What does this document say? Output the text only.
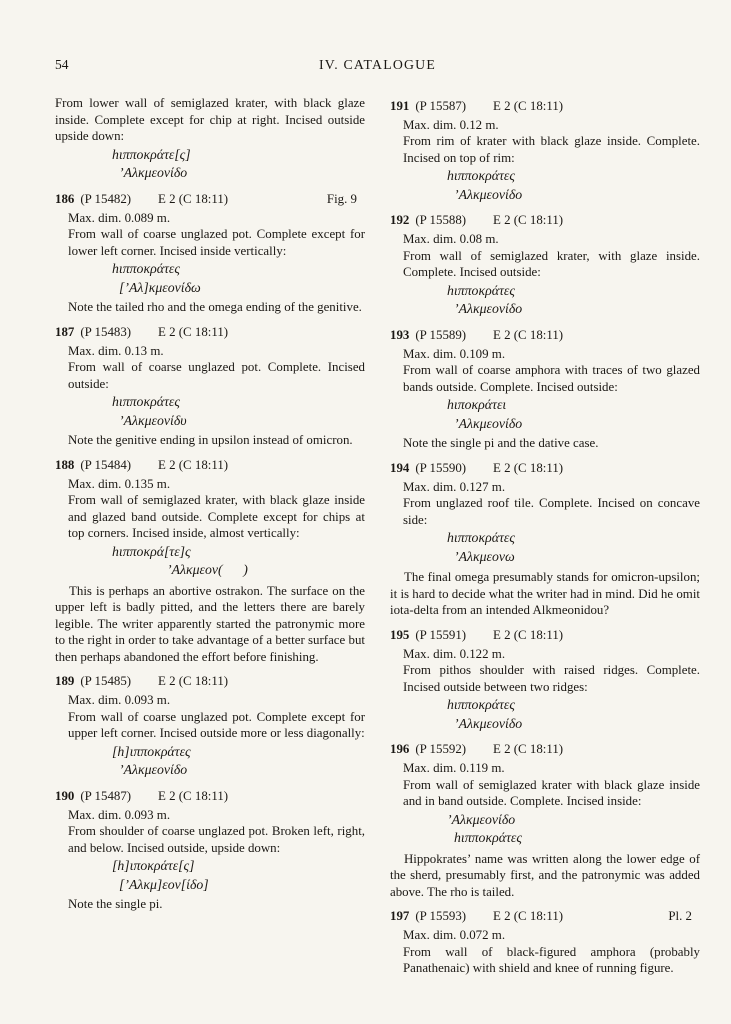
54	IV. CATALOGUE

From lower wall of semiglazed krater, with black glaze inside. Complete except for chip at right. Incised outside upside down:

hιπποκράτε[ς]
’Αλκμεονίδο
186 (P 15482) E 2 (C 18:11)	Fig. 9

Max. dim. 0.089 m.

From wall of coarse unglazed pot. Complete except for lower left corner. Incised inside vertically:

hιπποκράτες
[’Αλ]κμεονίδω

Note the tailed rho and the omega ending of the genitive.

187 (P 15483) E 2 (C 18:11)

Max. dim. 0.13 m.

From wall of coarse unglazed pot. Complete. Incised outside:

hιπποκράτες
’Αλκμεονίδυ

Note the genitive ending in upsilon instead of omicron.

188 (P 15484) E 2 (C 18:11)

Max. dim. 0.135 m.

From wall of semiglazed krater, with black glaze inside and glazed band outside. Complete except for chips at top corners. Incised inside, almost vertically:

hιπποκρά[τε]ς
’Αλκμεον(  )

This is perhaps an abortive ostrakon. The surface on the upper left is badly pitted, and the letters there are barely legible. The writer apparently started the patronymic more to the right in order to take advantage of a better surface but then perhaps abandoned the effort before finishing.

189 (P 15485) E 2 (C 18:11)

Max. dim. 0.093 m.

From wall of coarse unglazed pot. Complete except for upper left corner. Incised outside more or less diagonally:

[h]ιπποκράτες
’Αλκμεονίδο
190 (P 15487) E 2 (C 18:11)

Max. dim. 0.093 m.

From shoulder of coarse unglazed pot. Broken left, right, and below. Incised outside, upside down:

[h]ιποκράτε[ς]
[’Αλκμ]εον[ίδο]

Note the single pi.

191 (P 15587) E 2 (C 18:11)

Max. dim. 0.12 m.

From rim of krater with black glaze inside. Complete. Incised on top of rim:

hιπποκράτες
’Αλκμεονίδο
192 (P 15588) E 2 (C 18:11)

Max. dim. 0.08 m.

From wall of semiglazed krater, with glaze inside. Complete. Incised outside:

hιπποκράτες
’Αλκμεονίδο
193 (P 15589) E 2 (C 18:11)

Max. dim. 0.109 m.

From wall of coarse amphora with traces of two glazed bands outside. Complete. Incised outside:

hιποκράτει
’Αλκμεονίδο

Note the single pi and the dative case.

194 (P 15590) E 2 (C 18:11)

Max. dim. 0.127 m.

From unglazed roof tile. Complete. Incised on concave side:

hιπποκράτες
’Αλκμεονω

The final omega presumably stands for omicron-upsilon; it is hard to decide what the writer had in mind. Did he omit iota-delta from an intended Alkmeonidou?

195 (P 15591) E 2 (C 18:11)

Max. dim. 0.122 m.

From pithos shoulder with raised ridges. Complete. Incised outside between two ridges:

hιπποκράτες
’Αλκμεονίδο
196 (P 15592) E 2 (C 18:11)

Max. dim. 0.119 m.

From wall of semiglazed krater with black glaze inside and in band outside. Complete. Incised inside:

’Αλκμεονίδο
hιπποκράτες

Hippokrates’ name was written along the lower edge of the sherd, presumably first, and the patronymic was added above. The rho is tailed.

197 (P 15593) E 2 (C 18:11)	Pl. 2

Max. dim. 0.072 m.

From wall of black-figured amphora (probably Panathenaic) with shield and knee of running figure.
